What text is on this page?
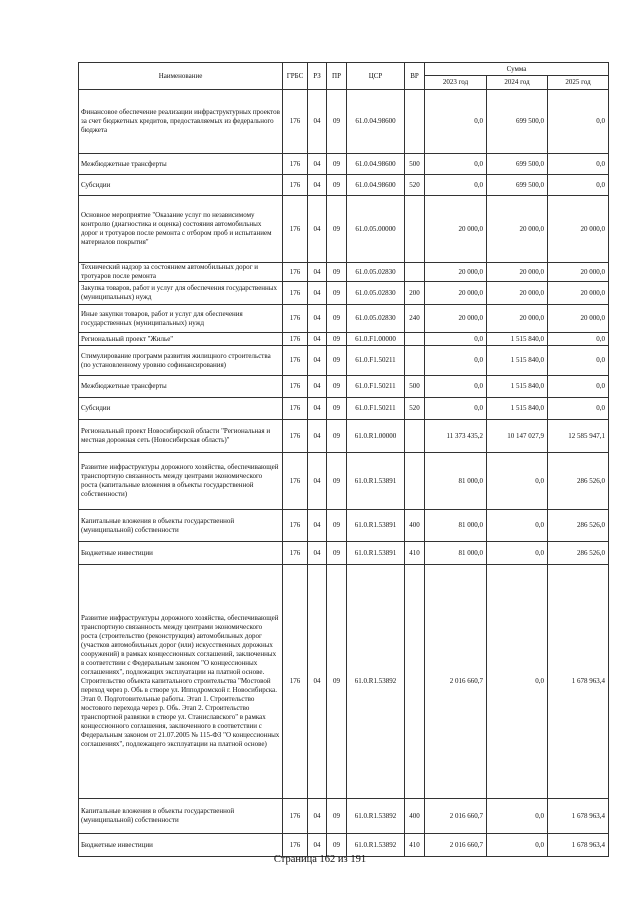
Наименование	ГРБС	РЗ	ПР	ЦСР	ВР	Сумма		
						2023 год	2024 год	2025 год
Финансовое обеспечение реализации инфраструктурных проектов за счет бюджетных кредитов, предоставляемых из федерального бюджета	176	04	09	61.0.04.98600		0,0	699 500,0	0,0
Межбюджетные трансферты	176	04	09	61.0.04.98600	500	0,0	699 500,0	0,0
Субсидии	176	04	09	61.0.04.98600	520	0,0	699 500,0	0,0
Основное мероприятие "Оказание услуг по независимому контролю (диагностика и оценка) состояния автомобильных дорог и тротуаров после ремонта с отбором проб и испытанием материалов покрытия"	176	04	09	61.0.05.00000		20 000,0	20 000,0	20 000,0
Технический надзор за состоянием автомобильных дорог и тротуаров после ремонта	176	04	09	61.0.05.02830		20 000,0	20 000,0	20 000,0
Закупка товаров, работ и услуг для обеспечения государственных (муниципальных) нужд	176	04	09	61.0.05.02830	200	20 000,0	20 000,0	20 000,0
Иные закупки товаров, работ и услуг для обеспечения государственных (муниципальных) нужд	176	04	09	61.0.05.02830	240	20 000,0	20 000,0	20 000,0
Региональный проект "Жилье"	176	04	09	61.0.F1.00000		0,0	1 515 840,0	0,0
Стимулирование программ развития жилищного строительства (по установленному уровню софинансирования)	176	04	09	61.0.F1.50211		0,0	1 515 840,0	0,0
Межбюджетные трансферты	176	04	09	61.0.F1.50211	500	0,0	1 515 840,0	0,0
Субсидии	176	04	09	61.0.F1.50211	520	0,0	1 515 840,0	0,0
Региональный проект Новосибирской области "Региональная и местная дорожная сеть (Новосибирская область)"	176	04	09	61.0.R1.00000		11 373 435,2	10 147 027,9	12 585 947,1
Развитие инфраструктуры дорожного хозяйства, обеспечивающей транспортную связанность между центрами экономического роста (капитальные вложения в объекты государственной собственности)	176	04	09	61.0.R1.53891		81 000,0	0,0	286 526,0
Капитальные вложения в объекты государственной (муниципальной) собственности	176	04	09	61.0.R1.53891	400	81 000,0	0,0	286 526,0
Бюджетные инвестиции	176	04	09	61.0.R1.53891	410	81 000,0	0,0	286 526,0
Развитие инфраструктуры дорожного хозяйства, обеспечивающей транспортную связанность между центрами экономического роста (строительство (реконструкция) автомобильных дорог (участков автомобильных дорог (или) искусственных дорожных сооружений) в рамках концессионных соглашений, заключенных в соответствии с Федеральным законом "О концессионных соглашениях", подлежащих эксплуатации на платной основе. Строительство объекта капитального строительства "Мостовой переход через р. Обь в створе ул. Ипподромской г. Новосибирска. Этап 0. Подготовительные работы. Этап 1. Строительство мостового перехода через р. Обь. Этап 2. Строительство транспортной развязки в створе ул. Станиславского" в рамках концессионного соглашения, заключенного в соответствии с Федеральным законом от 21.07.2005 № 115-ФЗ "О концессионных соглашениях", подлежащего эксплуатации на платной основе)	176	04	09	61.0.R1.53892		2 016 660,7	0,0	1 678 963,4
Капитальные вложения в объекты государственной (муниципальной) собственности	176	04	09	61.0.R1.53892	400	2 016 660,7	0,0	1 678 963,4
Бюджетные инвестиции	176	04	09	61.0.R1.53892	410	2 016 660,7	0,0	1 678 963,4
Страница 162 из 191
